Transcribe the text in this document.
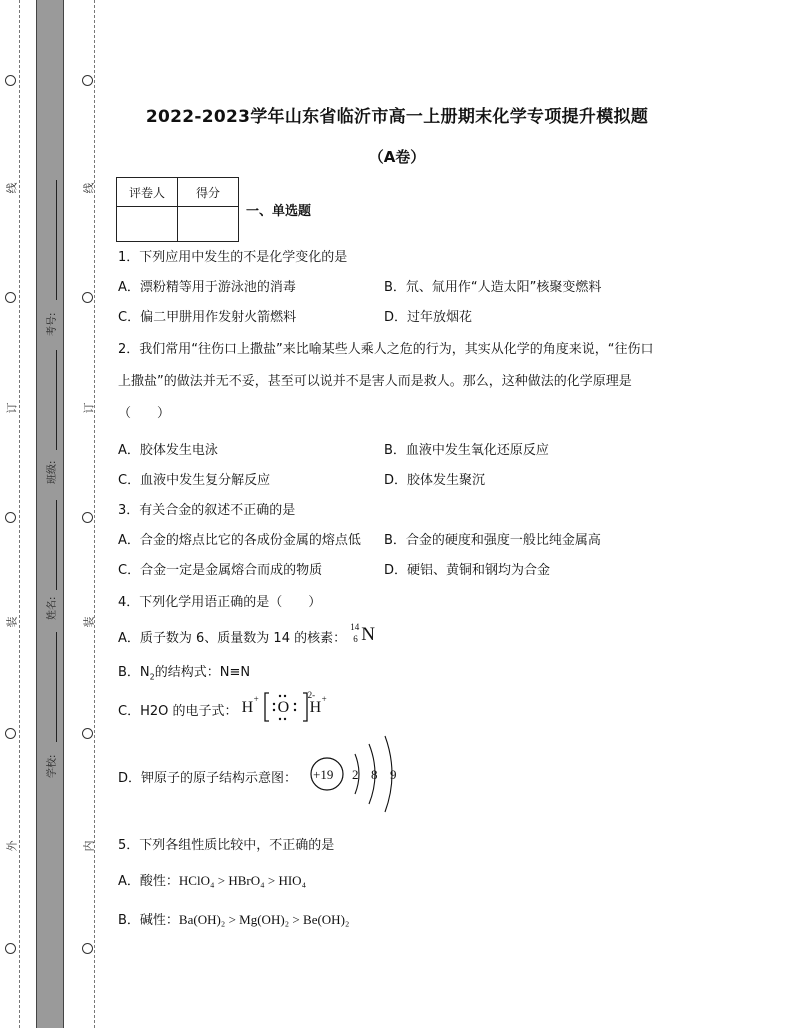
线
订
装
外
线
订
装
内
考号:
班级:
姓名:
学校:
2022-2023学年山东省临沂市高一上册期末化学专项提升模拟题
（A卷）
评卷人	得分

一、单选题
1．下列应用中发生的不是化学变化的是
A．漂粉精等用于游泳池的消毒	B．氘、氚用作“人造太阳”核聚变燃料
C．偏二甲肼用作发射火箭燃料	D．过年放烟花
2．我们常用“往伤口上撒盐”来比喻某些人乘人之危的行为，其实从化学的角度来说，“往伤口
上撒盐”的做法并无不妥，甚至可以说并不是害人而是救人。那么，这种做法的化学原理是
（　　）
A．胶体发生电泳	B．血液中发生氧化还原反应
C．血液中发生复分解反应	D．胶体发生聚沉
3．有关合金的叙述不正确的是
A．合金的熔点比它的各成份金属的熔点低 B．合金的硬度和强度一般比纯金属高
C．合金一定是金属熔合而成的物质	D．硬铝、黄铜和钢均为合金
4．下列化学用语正确的是（　　）
A．质子数为 6、质量数为 14 的核素：
14
6 N
B．$N_2$的结构式：N≡N
C．H2O 的电子式： H + O
2-
H +
D．钾原子的原子结构示意图： +19 2 8 9
5．下列各组性质比较中，不正确的是
A．酸性：HClO₄ > HBrO₄ > HIO₄
B．碱性：Ba(OH)₂ > Mg(OH)₂ > Be(OH)₂
